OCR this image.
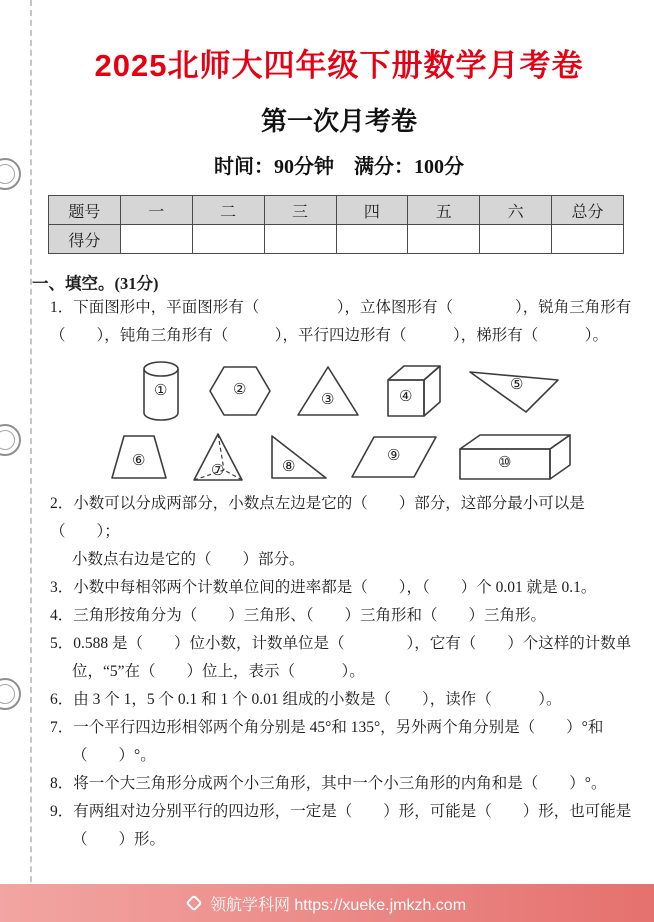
2025北师大四年级下册数学月考卷
第一次月考卷
时间：90分钟　满分：100分
题号	一	二	三	四	五	六	总分
得分							
一、填空。(31分)
1．下面图形中，平面图形有（　　　　　），立体图形有（　　　　），锐角三角形有
（　　），钝角三角形有（　　　），平行四边形有（　　　），梯形有（　　　）。
①	②
③	④
⑤
⑥
⑦	⑧
⑨	⑩
2．小数可以分成两部分，小数点左边是它的（　　）部分，这部分最小可以是（　　）；
小数点右边是它的（　　）部分。
3．小数中每相邻两个计数单位间的进率都是（　　），（　　）个 0.01 就是 0.1。
4．三角形按角分为（　　）三角形、（　　）三角形和（　　）三角形。
5．0.588 是（　　）位小数，计数单位是（　　　　），它有（　　）个这样的计数单
位，“5”在（　　）位上，表示（　　　）。
6．由 3 个 1，5 个 0.1 和 1 个 0.01 组成的小数是（　　），读作（　　　）。
7．一个平行四边形相邻两个角分别是 45°和 135°，另外两个角分别是（　　）°和
（　　）°。
8．将一个大三角形分成两个小三角形，其中一个小三角形的内角和是（　　）°。
9．有两组对边分别平行的四边形，一定是（　　）形，可能是（　　）形，也可能是
（　　）形。
领航学科网 https://xueke.jmkzh.com
